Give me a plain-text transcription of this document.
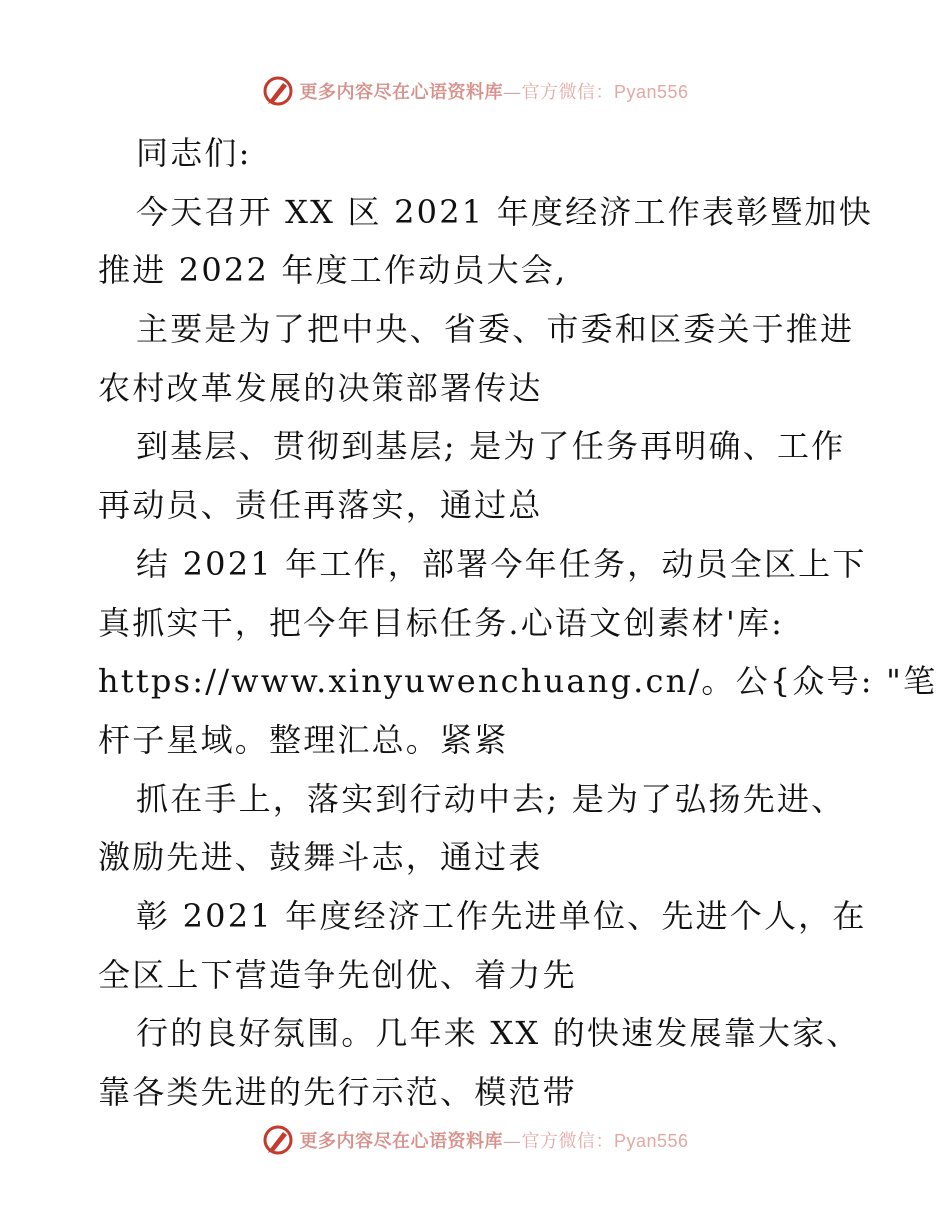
更多内容尽在心语资料库—官方微信：Pyan556

同志们:

今天召开 XX 区 2021 年度经济工作表彰暨加快

推进 2022 年度工作动员大会,

主要是为了把中央、省委、市委和区委关于推进

农村改革发展的决策部署传达

到基层、贯彻到基层; 是为了任务再明确、工作

再动员、责任再落实，通过总

结 2021 年工作，部署今年任务，动员全区上下

真抓实干，把今年目标任务.心语文创素材'库:

https://www.xinyuwenchuang.cn/。公{众号: "笔

杆子星域。整理汇总。紧紧

抓在手上，落实到行动中去; 是为了弘扬先进、

激励先进、鼓舞斗志，通过表

彰 2021 年度经济工作先进单位、先进个人，在

全区上下营造争先创优、着力先

行的良好氛围。几年来 XX 的快速发展靠大家、

靠各类先进的先行示范、模范带

更多内容尽在心语资料库—官方微信：Pyan556
